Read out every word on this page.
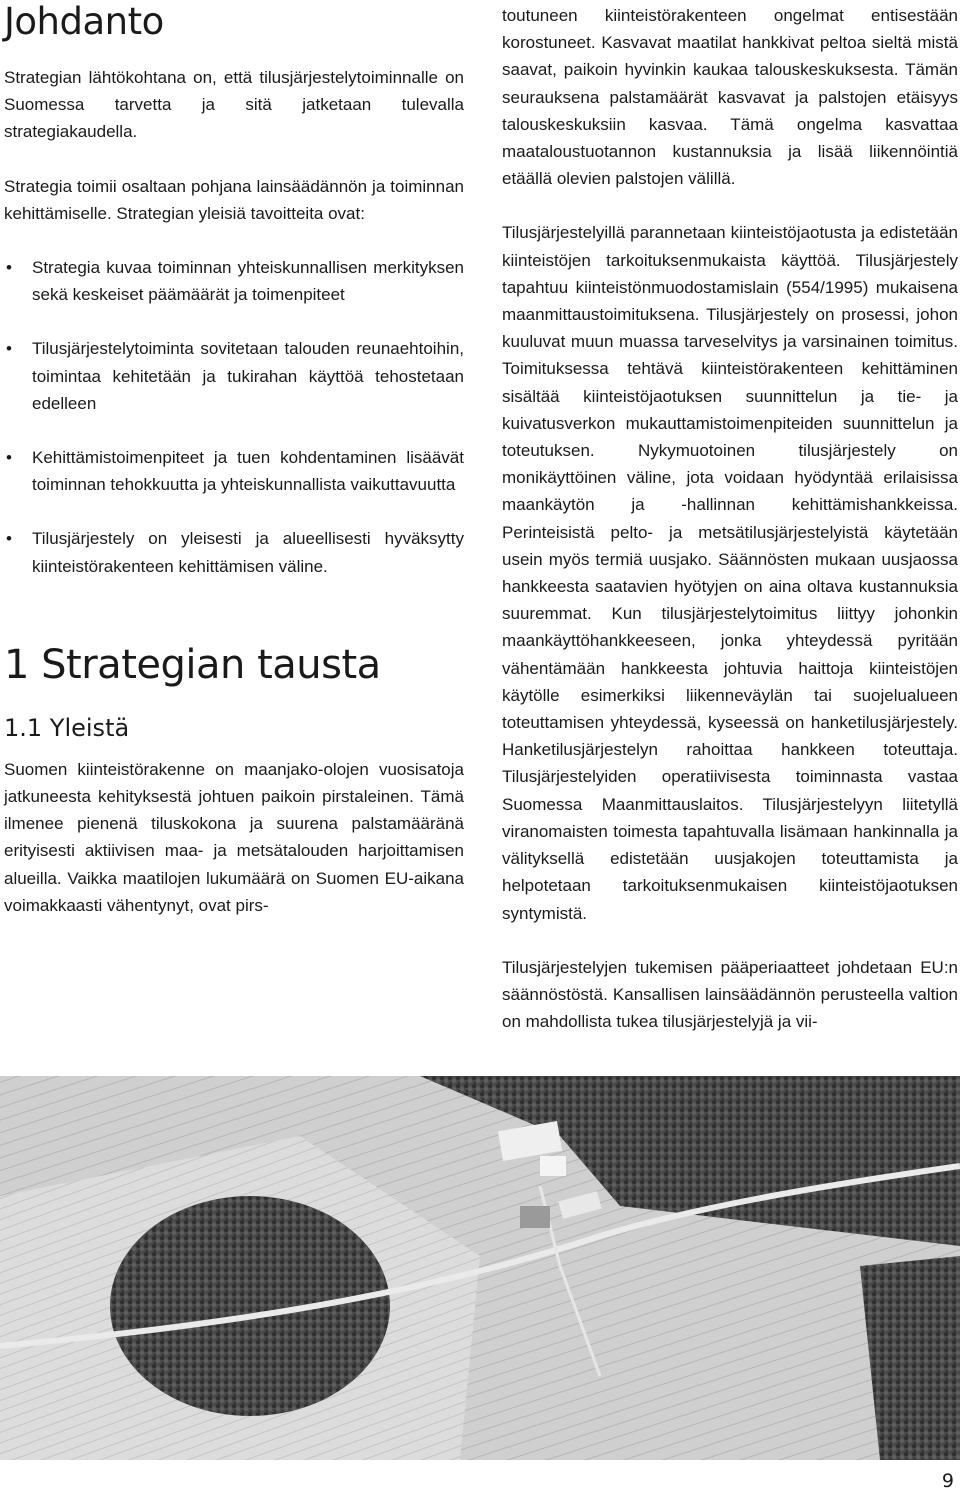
Johdanto

Strategian lähtökohtana on, että tilusjärjestelytoiminnalle on Suomessa tarvetta ja sitä jatketaan tulevalla strategiakaudella.

Strategia toimii osaltaan pohjana lainsäädännön ja toiminnan kehittämiselle. Strategian yleisiä tavoitteita ovat:

• Strategia kuvaa toiminnan yhteiskunnallisen merkityksen sekä keskeiset päämäärät ja toimenpiteet
• Tilusjärjestelytoiminta sovitetaan talouden reunaehtoihin, toimintaa kehitetään ja tukirahan käyttöä tehostetaan edelleen
• Kehittämistoimenpiteet ja tuen kohdentaminen lisäävät toiminnan tehokkuutta ja yhteiskunnallista vaikuttavuutta
• Tilusjärjestely on yleisesti ja alueellisesti hyväksytty kiinteistörakenteen kehittämisen väline.
1 Strategian tausta
1.1 Yleistä

Suomen kiinteistörakenne on maanjako-olojen vuosisatoja jatkuneesta kehityksestä johtuen paikoin pirstaleinen. Tämä ilmenee pienenä tiluskokona ja suurena palstamääränä erityisesti aktiivisen maa- ja metsätalouden harjoittamisen alueilla. Vaikka maatilojen lukumäärä on Suomen EU-aikana voimakkaasti vähentynyt, ovat pirs-

toutuneen kiinteistörakenteen ongelmat entisestään korostuneet. Kasvavat maatilat hankkivat peltoa sieltä mistä saavat, paikoin hyvinkin kaukaa talouskeskuksesta. Tämän seurauksena palstamäärät kasvavat ja palstojen etäisyys talouskeskuksiin kasvaa. Tämä ongelma kasvattaa maataloustuotannon kustannuksia ja lisää liikennöintiä etäällä olevien palstojen välillä.

Tilusjärjestelyillä parannetaan kiinteistöjaotusta ja edistetään kiinteistöjen tarkoituksenmukaista käyttöä. Tilusjärjestely tapahtuu kiinteistönmuodostamislain (554/1995) mukaisena maanmittaustoimituksena. Tilusjärjestely on prosessi, johon kuuluvat muun muassa tarveselvitys ja varsinainen toimitus. Toimituksessa tehtävä kiinteistörakenteen kehittäminen sisältää kiinteistöjaotuksen suunnittelun ja tie- ja kuivatusverkon mukauttamistoimenpiteiden suunnittelun ja toteutuksen. Nykymuotoinen tilusjärjestely on monikäyttöinen väline, jota voidaan hyödyntää erilaisissa maankäytön ja -hallinnan kehittämishankkeissa. Perinteisistä pelto- ja metsätilusjärjestelyistä käytetään usein myös termiä uusjako. Säännösten mukaan uusjaossa hankkeesta saatavien hyötyjen on aina oltava kustannuksia suuremmat. Kun tilusjärjestelytoimitus liittyy johonkin maankäyttöhankkeeseen, jonka yhteydessä pyritään vähentämään hankkeesta johtuvia haittoja kiinteistöjen käytölle esimerkiksi liikenneväylän tai suojelualueen toteuttamisen yhteydessä, kyseessä on hanketilusjärjestely. Hanketilusjärjestelyn rahoittaa hankkeen toteuttaja. Tilusjärjestelyiden operatiivisesta toiminnasta vastaa Suomessa Maanmittauslaitos. Tilusjärjestelyyn liitetyllä viranomaisten toimesta tapahtuvalla lisämaan hankinnalla ja välityksellä edistetään uusjakojen toteuttamista ja helpotetaan tarkoituksenmukaisen kiinteistöjaotuksen syntymistä.

Tilusjärjestelyjen tukemisen pääperiaatteet johdetaan EU:n säännöstöstä. Kansallisen lainsäädännön perusteella valtion on mahdollista tukea tilusjärjestelyjä ja vii-

9
